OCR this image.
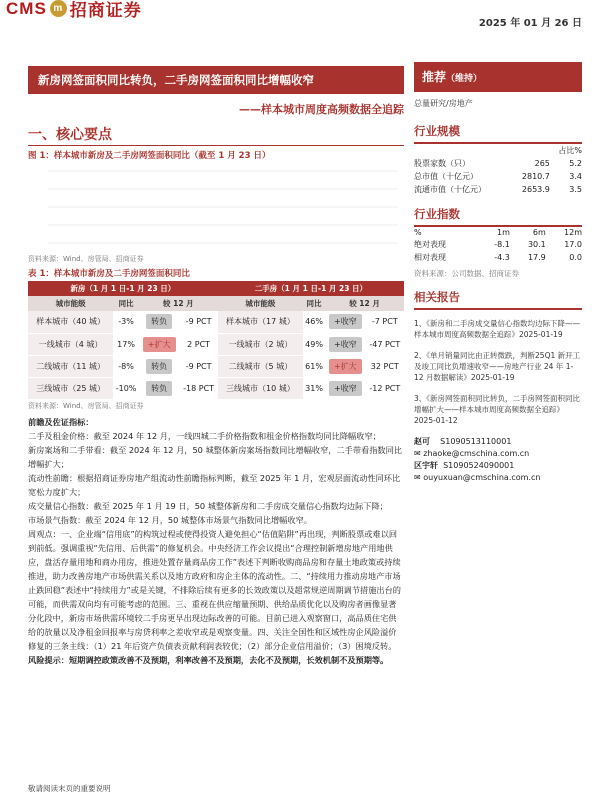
CMS m 招商证券
2025 年 01 月 26 日
新房网签面积同比转负，二手房网签面积同比增幅收窄
——样本城市周度高频数据全追踪
推荐（维持）
总量研究/房地产
行业规模
		占比%
股票家数（只）	265	5.2
总市值（十亿元）	2810.7	3.4
流通市值（十亿元）	2653.9	3.5
行业指数
%	1m	6m	12m
绝对表现	-8.1	30.1	17.0
相对表现	-4.3	17.9	0.0
资料来源：公司数据、招商证券
相关报告
1、《新房和二手房成交量信心指数均边际下降——样本城市周度高频数据全追踪》2025-01-19
2、《单月销量同比由正转微跌，判断25Q1 新开工及竣工同比负增速收窄——房地产行业 24 年 1-12 月数据解读》2025-01-19
3、《新房网签面积同比转负，二手房网签面积同比增幅扩大——样本城市周度高频数据全追踪》2025-01-12
赵可 S1090513110001
✉ zhaoke@cmschina.com.cn
区宇轩 S1090524090001
✉ ouyuxuan@cmschina.com.cn
一、核心要点
图 1：样本城市新房及二手房网签面积同比（截至 1 月 23 日）
资料来源：Wind、房管局、招商证券
表 1：样本城市新房及二手房网签面积同比
新房（1 月 1 日-1 月 23 日）				二手房（1 月 1 日-1 月 23 日）			
城市能级	同比	较 12 月		城市能级	同比	较 12 月	
样本城市（40 城）	-3%	转负	-9 PCT	样本城市（17 城）	46%	+收窄	-7 PCT
一线城市（4 城）	17%	+扩大	2 PCT	一线城市（2 城）	49%	+收窄	-47 PCT
二线城市（11 城）	-8%	转负	-9 PCT	二线城市（5 城）	61%	+扩大	32 PCT
三线城市（25 城）	-10%	转负	-18 PCT	三线城市（10 城）	31%	+收窄	-12 PCT
资料来源：Wind、房管局、招商证券
前瞻及佐证指标：
二手及租金价格：截至 2024 年 12 月，一线四城二手价格指数和租金价格指数均同比降幅收窄；
新房案场和二手带看：截至 2024 年 12 月，50 城整体新房案场指数同比增幅收窄，二手带看指数同比增幅扩大；
流动性前瞻：根据招商证券房地产组流动性前瞻指标判断，截至 2025 年 1 月，宏观层面流动性同环比宽松力度扩大；
成交量信心指数：截至 2025 年 1 月 19 日，50 城整体新房和二手房成交量信心指数均边际下降；
市场景气指数：截至 2024 年 12 月，50 城整体市场景气指数同比增幅收窄。
周观点：一、企业端“信用底”的构筑过程或使得投资人避免担心“估值陷阱”再出现，判断股票或难以回到前低。强调重视“先信用、后供需”的修复机会。中央经济工作会议提出“合理控制新增房地产用地供应，盘活存量用地和商办用房，推进处置存量商品房工作”表述下判断收购商品房和存量土地政策或持续推进，助力改善房地产市场供需关系以及地方政府和房企主体的流动性。二、“持续用力推动房地产市场止跌回稳”表述中“持续用力”或是关键，不排除后续有更多的长效政策以及超常规逆周期调节措施出台的可能，而供需双向均有可能考虑的范围。三、重视在供应缩量预期、供给品质优化以及购房者画像显著分化段中，新房市场供需环境较二手房更早出现边际改善的可能。目前已进入观察窗口，高品质住宅供给的放量以及净租金回报率与房贷利率之差收窄或是观察变量。四、关注全国性和区域性房企风险溢价修复的三条主线：（1）21 年后资产负债表贡献利润表较优；（2）部分企业信用溢价；（3）困境反转。
风险提示：短期调控政策改善不及预期，利率改善不及预期，去化不及预期，长效机制不及预期等。
敬请阅读末页的重要说明
